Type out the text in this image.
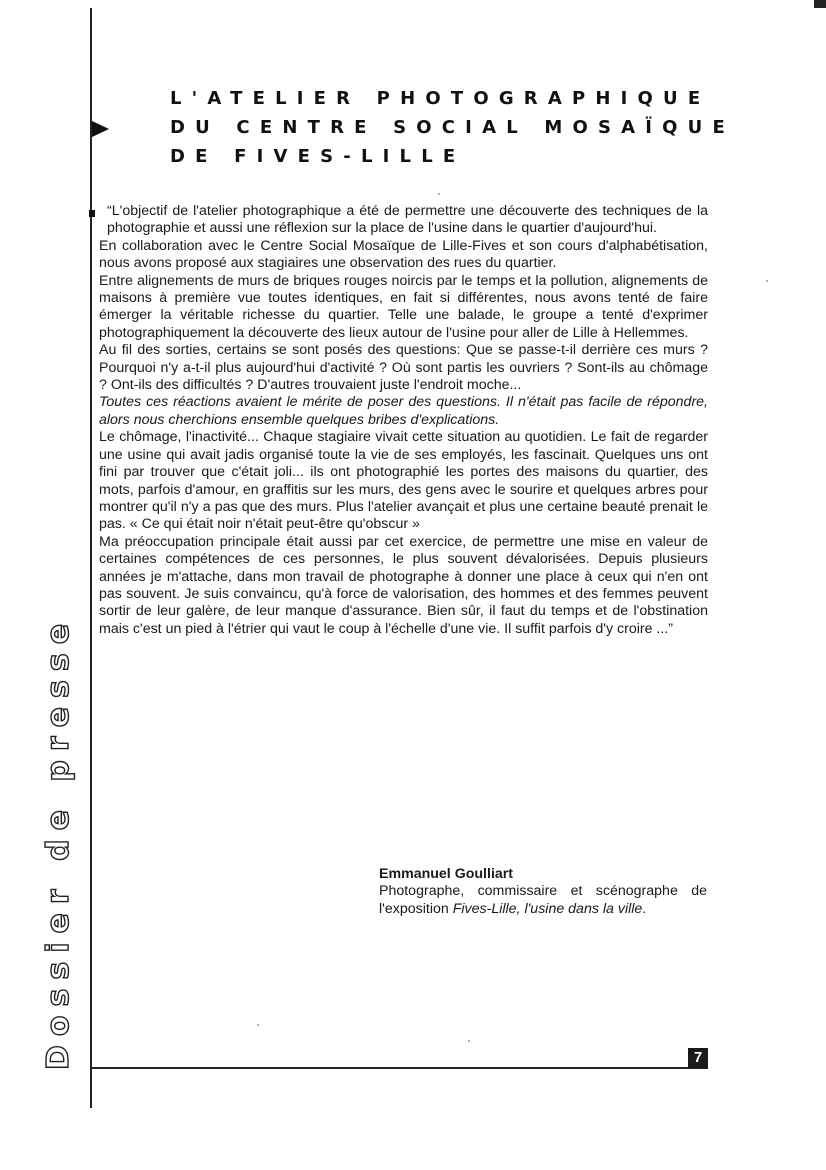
Dossier de presse
L'ATELIER PHOTOGRAPHIQUE
DU CENTRE SOCIAL MOSAÏQUE
DE FIVES-LILLE

“L'objectif de l'atelier photographique a été de permettre une découverte des techniques de la photographie et aussi une réflexion sur la place de l'usine dans le quartier d'aujourd'hui.

En collaboration avec le Centre Social Mosaïque de Lille-Fives et son cours d'alphabétisation, nous avons proposé aux stagiaires une observation des rues du quartier.

Entre alignements de murs de briques rouges noircis par le temps et la pollution, alignements de maisons à première vue toutes identiques, en fait si différentes, nous avons tenté de faire émerger la véritable richesse du quartier. Telle une balade, le groupe a tenté d'exprimer photographiquement la découverte des lieux autour de l'usine pour aller de Lille à Hellemmes.

Au fil des sorties, certains se sont posés des questions: Que se passe-t-il derrière ces murs ? Pourquoi n'y a-t-il plus aujourd'hui d'activité ? Où sont partis les ouvriers ? Sont-ils au chômage ? Ont-ils des difficultés ? D'autres trouvaient juste l'endroit moche...

Toutes ces réactions avaient le mérite de poser des questions. Il n'était pas facile de répondre, alors nous cherchions ensemble quelques bribes d'explications.

Le chômage, l'inactivité... Chaque stagiaire vivait cette situation au quotidien. Le fait de regarder une usine qui avait jadis organisé toute la vie de ses employés, les fascinait. Quelques uns ont fini par trouver que c'était joli... ils ont photographié les portes des maisons du quartier, des mots, parfois d'amour, en graffitis sur les murs, des gens avec le sourire et quelques arbres pour montrer qu'il n'y a pas que des murs. Plus l'atelier avançait et plus une certaine beauté prenait le pas. « Ce qui était noir n'était peut-être qu'obscur »

Ma préoccupation principale était aussi par cet exercice, de permettre une mise en valeur de certaines compétences de ces personnes, le plus souvent dévalorisées. Depuis plusieurs années je m'attache, dans mon travail de photographe à donner une place à ceux qui n'en ont pas souvent. Je suis convaincu, qu'à force de valorisation, des hommes et des femmes peuvent sortir de leur galère, de leur manque d'assurance. Bien sûr, il faut du temps et de l'obstination mais c'est un pied à l'étrier qui vaut le coup à l'échelle d'une vie. Il suffit parfois d'y croire ...”

Emmanuel Goulliart

Photographe, commissaire et scénographe de l'exposition Fives-Lille, l'usine dans la ville.

7
